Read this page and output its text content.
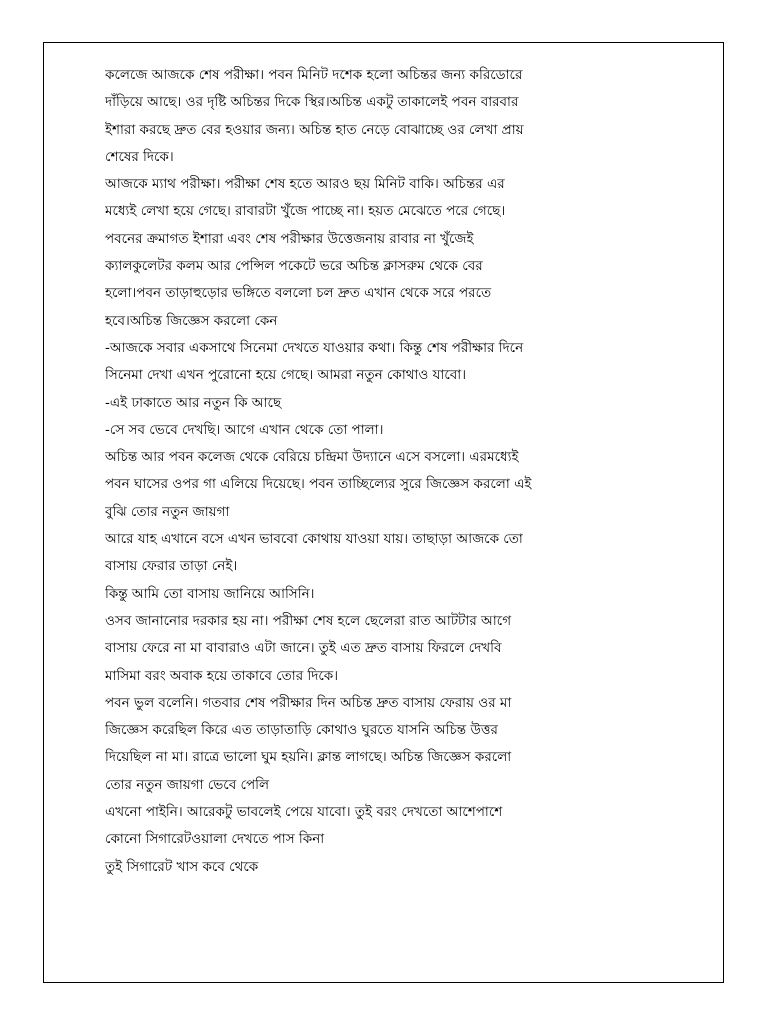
কলেজে আজকে শেষ পরীক্ষা। পবন মিনিট দশেক হলো অচিন্তর জন্য করিডোরে
দাঁড়িয়ে আছে। ওর দৃষ্টি অচিন্তর দিকে স্থির।অচিন্ত একটু তাকালেই পবন বারবার
ইশারা করছে দ্রুত বের হওয়ার জন্য। অচিন্ত হাত নেড়ে বোঝাচ্ছে ওর লেখা প্রায়
শেষের দিকে।
আজকে ম্যাথ পরীক্ষা। পরীক্ষা শেষ হতে আরও ছয় মিনিট বাকি। অচিন্তর এর
মধ্যেই লেখা হয়ে গেছে। রাবারটা খুঁজে পাচ্ছে না। হয়ত মেঝেতে পরে গেছে।
পবনের ক্রমাগত ইশারা এবং শেষ পরীক্ষার উত্তেজনায় রাবার না খুঁজেই
ক্যালকুলেটর কলম আর পেন্সিল পকেটে ভরে অচিন্ত ক্লাসরুম থেকে বের
হলো।পবন তাড়াহুড়োর ভঙ্গিতে বললো চল দ্রুত এখান থেকে সরে পরতে
হবে।অচিন্ত জিজ্ঞেস করলো কেন
-আজকে সবার একসাথে সিনেমা দেখতে যাওয়ার কথা। কিন্তু শেষ পরীক্ষার দিনে
সিনেমা দেখা এখন পুরোনো হয়ে গেছে। আমরা নতুন কোথাও যাবো।
-এই ঢাকাতে আর নতুন কি আছে
-সে সব ভেবে দেখছি। আগে এখান থেকে তো পালা।
অচিন্ত আর পবন কলেজ থেকে বেরিয়ে চন্দ্রিমা উদ্যানে এসে বসলো। এরমধ্যেই
পবন ঘাসের ওপর গা এলিয়ে দিয়েছে। পবন তাচ্ছিল্যের সুরে জিজ্ঞেস করলো এই
বুঝি তোর নতুন জায়গা
আরে যাহ এখানে বসে এখন ভাববো কোথায় যাওয়া যায়। তাছাড়া আজকে তো
বাসায় ফেরার তাড়া নেই।
কিন্তু আমি তো বাসায় জানিয়ে আসিনি।
ওসব জানানোর দরকার হয় না। পরীক্ষা শেষ হলে ছেলেরা রাত আটটার আগে
বাসায় ফেরে না মা বাবারাও এটা জানে। তুই এত দ্রুত বাসায় ফিরলে দেখবি
মাসিমা বরং অবাক হয়ে তাকাবে তোর দিকে।
পবন ভুল বলেনি। গতবার শেষ পরীক্ষার দিন অচিন্ত দ্রুত বাসায় ফেরায় ওর মা
জিজ্ঞেস করেছিল কিরে এত তাড়াতাড়ি কোথাও ঘুরতে যাসনি অচিন্ত উত্তর
দিয়েছিল না মা। রাত্রে ভালো ঘুম হয়নি। ক্লান্ত লাগছে। অচিন্ত জিজ্ঞেস করলো
তোর নতুন জায়গা ভেবে পেলি
এখনো পাইনি। আরেকটু ভাবলেই পেয়ে যাবো। তুই বরং দেখতো আশেপাশে
কোনো সিগারেটওয়ালা দেখতে পাস কিনা
তুই সিগারেট খাস কবে থেকে
